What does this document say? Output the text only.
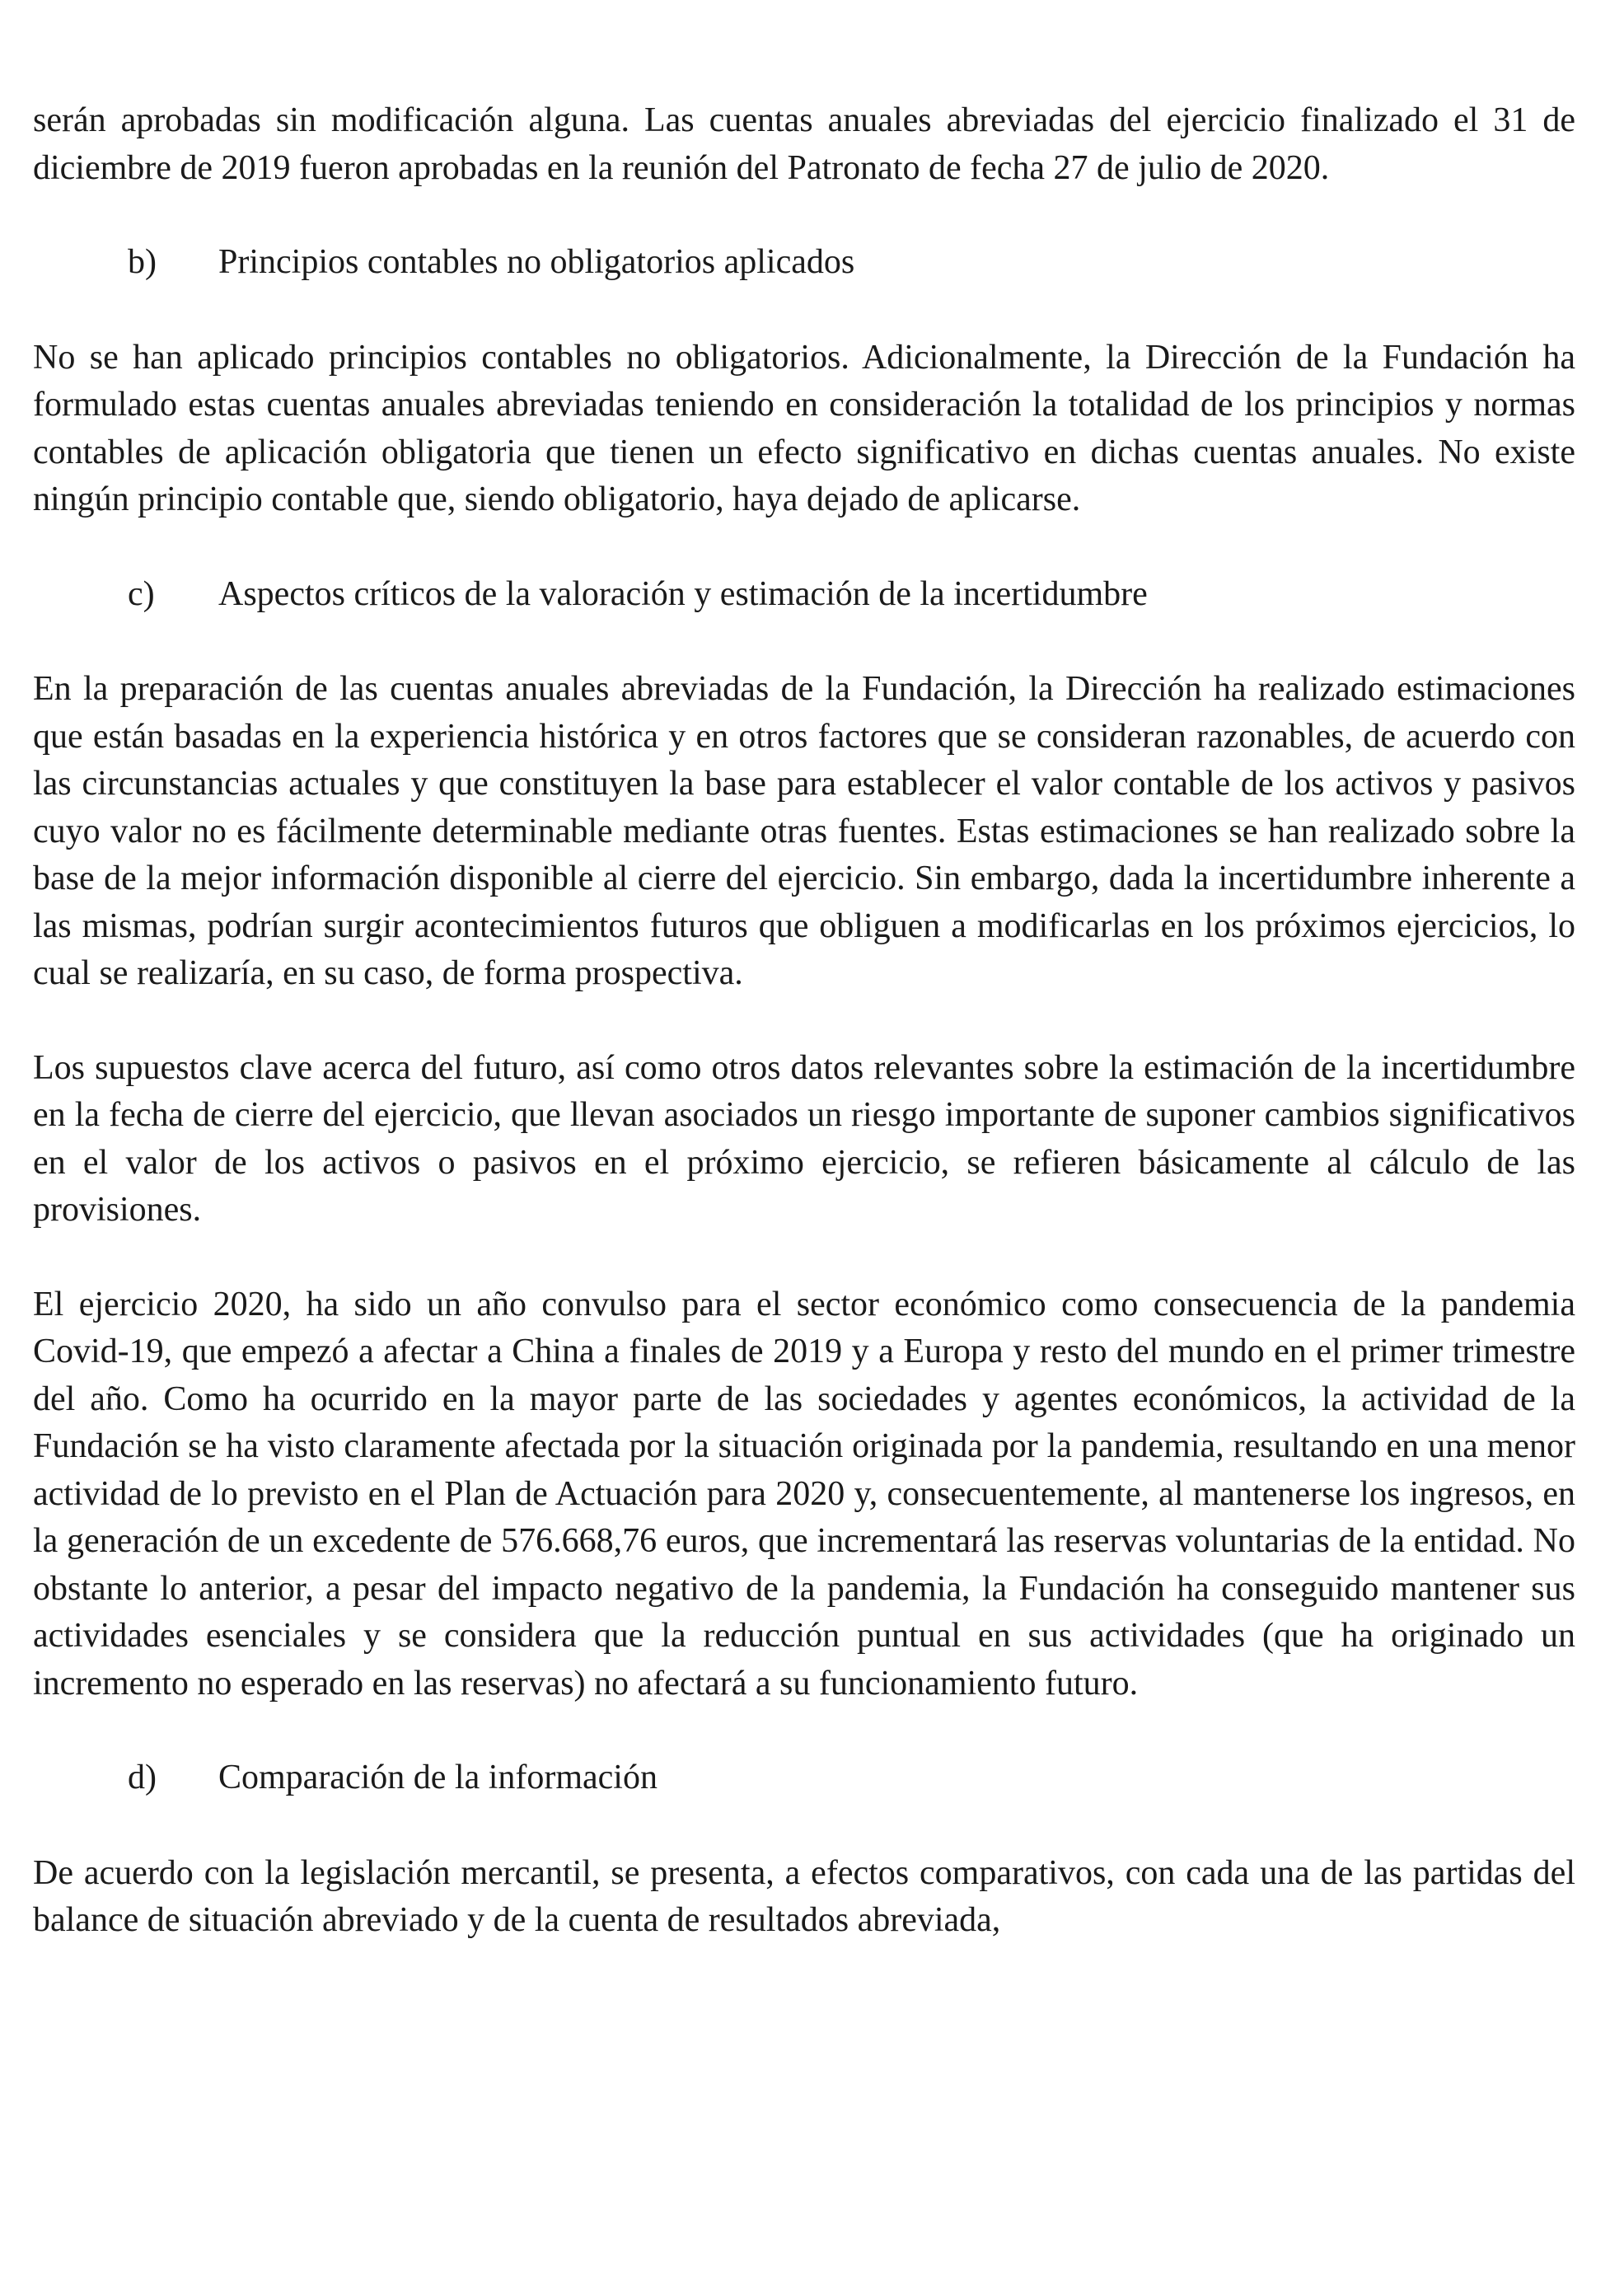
serán aprobadas sin modificación alguna. Las cuentas anuales abreviadas del ejercicio finalizado el 31 de diciembre de 2019 fueron aprobadas en la reunión del Patronato de fecha 27 de julio de 2020.

b)	Principios contables no obligatorios aplicados

No se han aplicado principios contables no obligatorios. Adicionalmente, la Dirección de la Fundación ha formulado estas cuentas anuales abreviadas teniendo en consideración la totalidad de los principios y normas contables de aplicación obligatoria que tienen un efecto significativo en dichas cuentas anuales. No existe ningún principio contable que, siendo obligatorio, haya dejado de aplicarse.

c)	Aspectos críticos de la valoración y estimación de la incertidumbre

En la preparación de las cuentas anuales abreviadas de la Fundación, la Dirección ha realizado estimaciones que están basadas en la experiencia histórica y en otros factores que se consideran razonables, de acuerdo con las circunstancias actuales y que constituyen la base para establecer el valor contable de los activos y pasivos cuyo valor no es fácilmente determinable mediante otras fuentes. Estas estimaciones se han realizado sobre la base de la mejor información disponible al cierre del ejercicio. Sin embargo, dada la incertidumbre inherente a las mismas, podrían surgir acontecimientos futuros que obliguen a modificarlas en los próximos ejercicios, lo cual se realizaría, en su caso, de forma prospectiva.

Los supuestos clave acerca del futuro, así como otros datos relevantes sobre la estimación de la incertidumbre en la fecha de cierre del ejercicio, que llevan asociados un riesgo importante de suponer cambios significativos en el valor de los activos o pasivos en el próximo ejercicio, se refieren básicamente al cálculo de las provisiones.

El ejercicio 2020, ha sido un año convulso para el sector económico como consecuencia de la pandemia Covid-19, que empezó a afectar a China a finales de 2019 y a Europa y resto del mundo en el primer trimestre del año. Como ha ocurrido en la mayor parte de las sociedades y agentes económicos, la actividad de la Fundación se ha visto claramente afectada por la situación originada por la pandemia, resultando en una menor actividad de lo previsto en el Plan de Actuación para 2020 y, consecuentemente, al mantenerse los ingresos, en la generación de un excedente de 576.668,76 euros, que incrementará las reservas voluntarias de la entidad. No obstante lo anterior, a pesar del impacto negativo de la pandemia, la Fundación ha conseguido mantener sus actividades esenciales y se considera que la reducción puntual en sus actividades (que ha originado un incremento no esperado en las reservas) no afectará a su funcionamiento futuro.

d)	Comparación de la información

De acuerdo con la legislación mercantil, se presenta, a efectos comparativos, con cada una de las partidas del balance de situación abreviado y de la cuenta de resultados abreviada,
